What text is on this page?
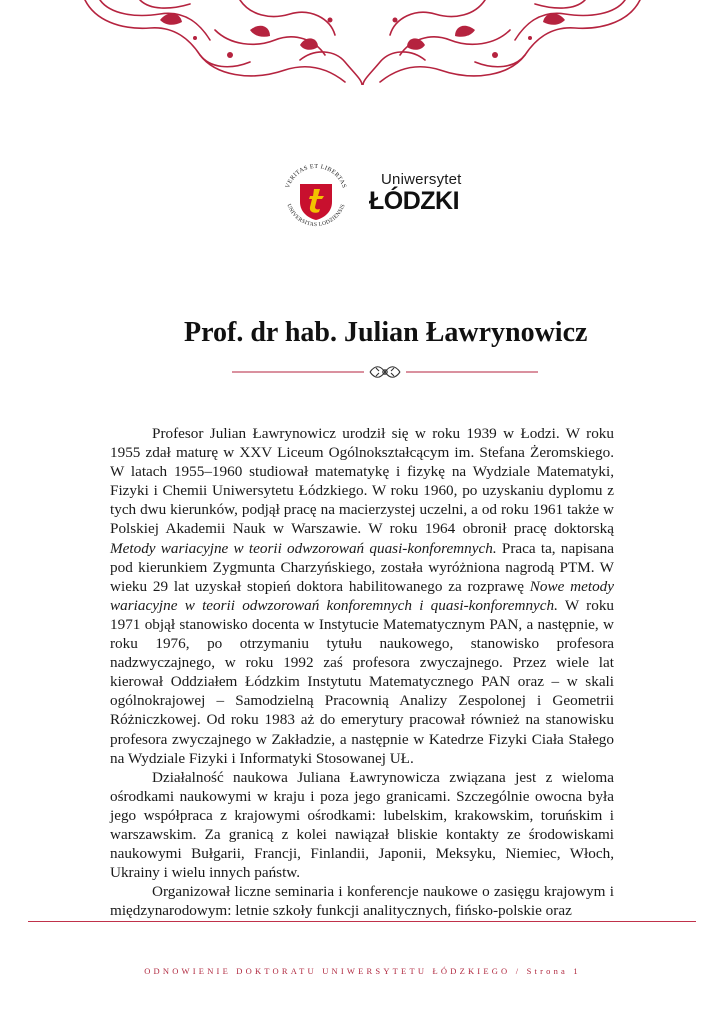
VERITAS ET LIBERTAS
UNIVERSITAS LODZIENSIS
Uniwersytet
ŁÓDZKI
Prof. dr hab. Julian Ławrynowicz

Profesor Julian Ławrynowicz urodził się w roku 1939 w Łodzi. W roku 1955 zdał maturę w XXV Liceum Ogólnokształcącym im. Stefana Żeromskiego. W latach 1955–1960 studiował matematykę i fizykę na Wydziale Matematyki, Fizyki i Chemii Uniwersytetu Łódzkiego. W roku 1960, po uzyskaniu dyplomu z tych dwu kierunków, podjął pracę na macierzystej uczelni, a od roku 1961 także w Polskiej Akademii Nauk w Warszawie. W roku 1964 obronił pracę doktorską Metody wariacyjne w teorii odwzorowań quasi-konforemnych. Praca ta, napisana pod kierunkiem Zygmunta Charzyńskiego, została wyróżniona nagrodą PTM. W wieku 29 lat uzyskał stopień doktora habilitowanego za rozprawę Nowe metody wariacyjne w teorii odwzorowań konforemnych i quasi-konforemnych. W roku 1971 objął stanowisko docenta w Instytucie Matematycznym PAN, a następnie, w roku 1976, po otrzymaniu tytułu naukowego, stanowisko profesora nadzwyczajnego, w roku 1992 zaś profesora zwyczajnego. Przez wiele lat kierował Oddziałem Łódzkim Instytutu Matematycznego PAN oraz – w skali ogólnokrajowej – Samodzielną Pracownią Analizy Zespolonej i Geometrii Różniczkowej. Od roku 1983 aż do emerytury pracował również na stanowisku profesora zwyczajnego w Zakładzie, a następnie w Katedrze Fizyki Ciała Stałego na Wydziale Fizyki i Informatyki Stosowanej UŁ.

Działalność naukowa Juliana Ławrynowicza związana jest z wieloma ośrodkami naukowymi w kraju i poza jego granicami. Szczególnie owocna była jego współpraca z krajowymi ośrodkami: lubelskim, krakowskim, toruńskim i warszawskim. Za granicą z kolei nawiązał bliskie kontakty ze środowiskami naukowymi Bułgarii, Francji, Finlandii, Japonii, Meksyku, Niemiec, Włoch, Ukrainy i wielu innych państw.

Organizował liczne seminaria i konferencje naukowe o zasięgu krajowym i międzynarodowym: letnie szkoły funkcji analitycznych, fińsko-polskie oraz

ODNOWIENIE DOKTORATU UNIWERSYTETU ŁÓDZKIEGO / Strona 1
